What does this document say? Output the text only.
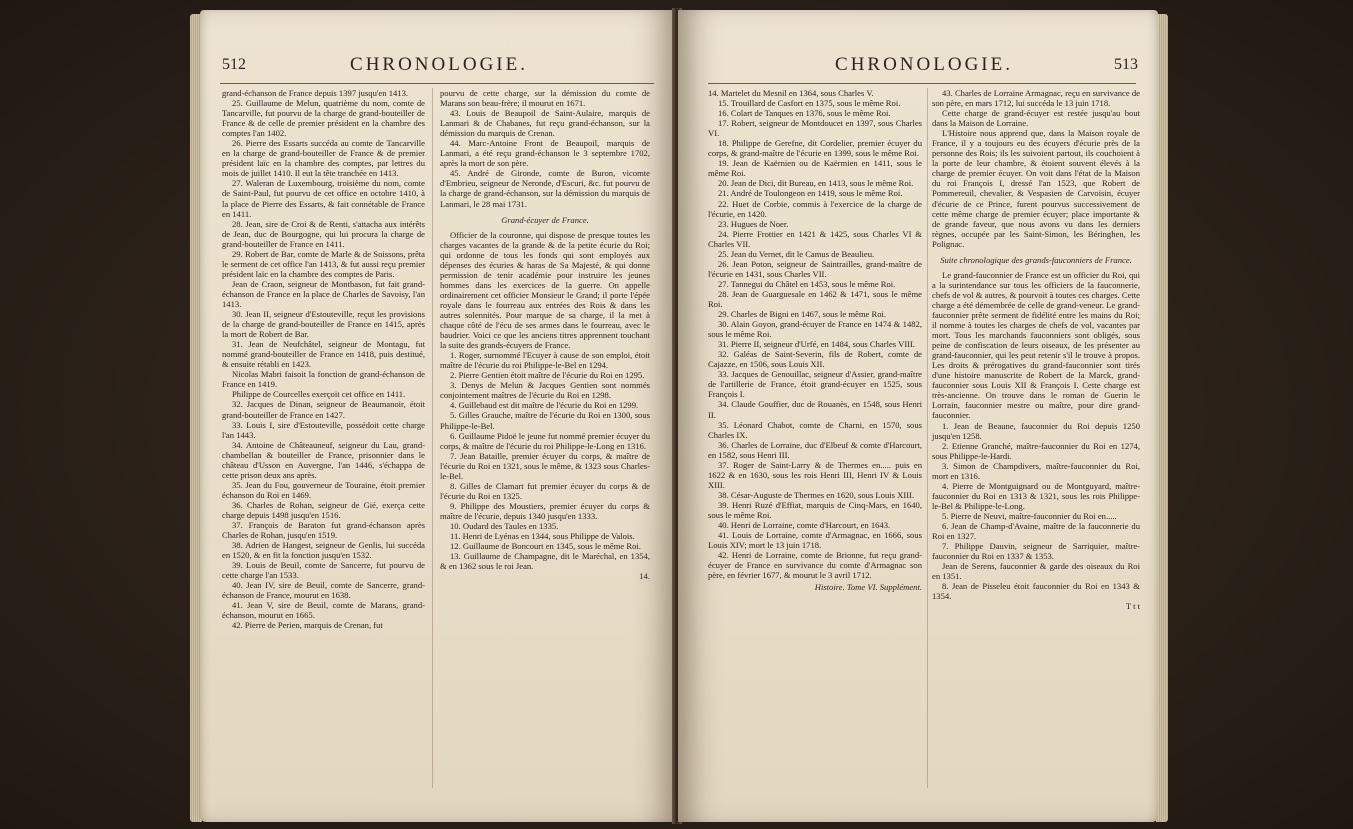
512	CHRONOLOGIE.

grand-échanson de France depuis 1397 jusqu'en 1413.

25. Guillaume de Melun, quatrième du nom, comte de Tancarville, fut pourvu de la charge de grand-bouteiller de France & de celle de premier président en la chambre des comptes l'an 1402.

26. Pierre des Essarts succéda au comte de Tancarville en la charge de grand-bouteiller de France & de premier président laïc en la chambre des comptes, par lettres du mois de juillet 1410. Il eut la tête tranchée en 1413.

27. Waleran de Luxembourg, troisième du nom, comte de Saint-Paul, fut pourvu de cet office en octobre 1410, à la place de Pierre des Essarts, & fait connétable de France en 1411.

28. Jean, sire de Croi & de Renti, s'attacha aux intérêts de Jean, duc de Bourgogne, qui lui procura la charge de grand-bouteiller de France en 1411.

29. Robert de Bar, comte de Marle & de Soissons, prêta le serment de cet office l'an 1413, & fut aussi reçu premier président laïc en la chambre des comptes de Paris.

Jean de Craon, seigneur de Montbason, fut fait grand-échanson de France en la place de Charles de Savoisy, l'an 1413.

30. Jean II, seigneur d'Estouteville, reçut les provisions de la charge de grand-bouteiller de France en 1415, après la mort de Robert de Bar.

31. Jean de Neufchâtel, seigneur de Montagu, fut nommé grand-bouteiller de France en 1418, puis destitué, & ensuite rétabli en 1423.

Nicolas Mabri faisoit la fonction de grand-échanson de France en 1419.

Philippe de Courcelles exerçoit cet office en 1411.

32. Jacques de Dinan, seigneur de Beaumanoir, étoit grand-bouteiller de France en 1427.

33. Louis I, sire d'Estouteville, possédoit cette charge l'an 1443.

34. Antoine de Châteauneuf, seigneur du Lau, grand-chambellan & bouteiller de France, prisonnier dans le château d'Usson en Auvergne, l'an 1446, s'échappa de cette prison deux ans après.

35. Jean du Fou, gouverneur de Touraine, étoit premier échanson du Roi en 1469.

36. Charles de Rohan, seigneur de Gié, exerça cette charge depuis 1498 jusqu'en 1516.

37. François de Baraton fut grand-échanson après Charles de Rohan, jusqu'en 1519.

38. Adrien de Hangest, seigneur de Genlis, lui succéda en 1520, & en fit la fonction jusqu'en 1532.

39. Louis de Beuil, comte de Sancerre, fut pourvu de cette charge l'an 1533.

40. Jean IV, sire de Beuil, comte de Sancerre, grand-échanson de France, mourut en 1638.

41. Jean V, sire de Beuil, comte de Marans, grand-échanson, mourut en 1665.

42. Pierre de Perien, marquis de Crenan, fut

pourvu de cette charge, sur la démission du comte de Marans son beau-frère; il mourut en 1671.

43. Louis de Beaupoil de Saint-Aulaire, marquis de Lanmari & de Chabanes, fut reçu grand-échanson, sur la démission du marquis de Crenan.

44. Marc-Antoine Front de Beaupoil, marquis de Lanmari, a été reçu grand-échanson le 3 septembre 1702, après la mort de son père.

45. André de Gironde, comte de Buron, vicomte d'Embrieu, seigneur de Neronde, d'Escuri, &c. fut pourvu de la charge de grand-échanson, sur la démission du marquis de Lanmari, le 28 mai 1731.

Grand-écuyer de France.

Officier de la couronne, qui dispose de presque toutes les charges vacantes de la grande & de la petite écurie du Roi; qui ordonne de tous les fonds qui sont employés aux dépenses des écuries & haras de Sa Majesté, & qui donne permission de tenir académie pour instruire les jeunes hommes dans les exercices de la guerre. On appelle ordinairement cet officier Monsieur le Grand; il porte l'épée royale dans le fourreau aux entrées des Rois & dans les autres solennités. Pour marque de sa charge, il la met à chaque côté de l'écu de ses armes dans le fourreau, avec le baudrier. Voici ce que les anciens titres apprennent touchant la suite des grands-écuyers de France.

1. Roger, surnommé l'Ecuyer à cause de son emploi, étoit maître de l'écurie du roi Philippe-le-Bel en 1294.

2. Pierre Gentien étoit maître de l'écurie du Roi en 1295.

3. Denys de Melun & Jacques Gentien sont nommés conjointement maîtres de l'écurie du Roi en 1298.

4. Guillebaud est dit maître de l'écurie du Roi en 1299.

5. Gilles Grauche, maître de l'écurie du Roi en 1300, sous Philippe-le-Bel.

6. Guillaume Pidoë le jeune fut nommé premier écuyer du corps, & maître de l'écurie du roi Philippe-le-Long en 1316.

7. Jean Bataille, premier écuyer du corps, & maître de l'écurie du Roi en 1321, sous le même, & 1323 sous Charles-le-Bel.

8. Gilles de Clamart fut premier écuyer du corps & de l'écurie du Roi en 1325.

9. Philippe des Moustiers, premier écuyer du corps & maître de l'écurie, depuis 1340 jusqu'en 1333.

10. Oudard des Taules en 1335.

11. Henri de Lyénas en 1344, sous Philippe de Valois.

12. Guillaume de Boncourt en 1345, sous le même Roi.

13. Guillaume de Champagne, dit le Maréchal, en 1354, & en 1362 sous le roi Jean.

14.

CHRONOLOGIE.	513

14. Martelet du Mesnil en 1364, sous Charles V.

15. Trouillard de Casfort en 1375, sous le même Roi.

16. Colart de Tanques en 1376, sous le même Roi.

17. Robert, seigneur de Montdoucet en 1397, sous Charles VI.

18. Philippe de Gerefne, dit Cordelier, premier écuyer du corps, & grand-maître de l'écurie en 1399, sous le même Roi.

19. Jean de Kaërnien ou de Kaërmien en 1411, sous le même Roi.

20. Jean de Dici, dit Bureau, en 1413, sous le même Roi.

21. André de Toulongeon en 1419, sous le même Roi.

22. Huet de Corbie, commis à l'exercice de la charge de l'écurie, en 1420.

23. Hugues de Noer.

24. Pierre Frottier en 1421 & 1425, sous Charles VI & Charles VII.

25. Jean du Vernet, dit le Camus de Beaulieu.

26. Jean Poton, seigneur de Saintrailles, grand-maître de l'écurie en 1431, sous Charles VII.

27. Tannegui du Châtel en 1453, sous le même Roi.

28. Jean de Guarguesale en 1462 & 1471, sous le même Roi.

29. Charles de Bigni en 1467, sous le même Roi.

30. Alain Goyon, grand-écuyer de France en 1474 & 1482, sous le même Roi.

31. Pierre II, seigneur d'Urfé, en 1484, sous Charles VIII.

32. Galéas de Saint-Severin, fils de Robert, comte de Cajazze, en 1506, sous Louis XII.

33. Jacques de Genouillac, seigneur d'Assier, grand-maître de l'artillerie de France, étoit grand-écuyer en 1525, sous François I.

34. Claude Gouffier, duc de Rouanès, en 1548, sous Henri II.

35. Léonard Chabot, comte de Charni, en 1570, sous Charles IX.

36. Charles de Lorraine, duc d'Elbeuf & comte d'Harcourt, en 1582, sous Henri III.

37. Roger de Saint-Larry & de Thermes en..... puis en 1622 & en 1630, sous les rois Henri III, Henri IV & Louis XIII.

38. César-Auguste de Thermes en 1620, sous Louis XIII.

39. Henri Ruzé d'Effiat, marquis de Cinq-Mars, en 1640, sous le même Roi.

40. Henri de Lorraine, comte d'Harcourt, en 1643.

41. Louis de Lorraine, comte d'Armagnac, en 1666, sous Louis XIV; mort le 13 juin 1718.

42. Henri de Lorraine, comte de Brionne, fut reçu grand-écuyer de France en survivance du comte d'Armagnac son père, en février 1677, & mourut le 3 avril 1712.

Histoire. Tome VI. Supplément.

43. Charles de Lorraine Armagnac, reçu en survivance de son père, en mars 1712, lui succéda le 13 juin 1718.

Cette charge de grand-écuyer est restée jusqu'au bout dans la Maison de Lorraine.

L'Histoire nous apprend que, dans la Maison royale de France, il y a toujours eu des écuyers d'écurie près de la personne des Rois; ils les suivoient partout, ils couchoient à la porte de leur chambre, & étoient souvent élevés à la charge de premier écuyer. On voit dans l'état de la Maison du roi François I, dressé l'an 1523, que Robert de Pommereuil, chevalier, & Vespasien de Carvoisin, écuyer d'écurie de ce Prince, furent pourvus successivement de cette même charge de premier écuyer; place importante & de grande faveur, que nous avons vu dans les derniers règnes, occupée par les Saint-Simon, les Béringhen, les Polignac.

Suite chronologique des grands-fauconniers de France.

Le grand-fauconnier de France est un officier du Roi, qui a la surintendance sur tous les officiers de la fauconnerie, chefs de vol & autres, & pourvoit à toutes ces charges. Cette charge a été démembrée de celle de grand-veneur. Le grand-fauconnier prête serment de fidélité entre les mains du Roi; il nomme à toutes les charges de chefs de vol, vacantes par mort. Tous les marchands fauconniers sont obligés, sous peine de confiscation de leurs oiseaux, de les présenter au grand-fauconnier, qui les peut retenir s'il le trouve à propos. Les droits & prérogatives du grand-fauconnier sont tirés d'une histoire manuscrite de Robert de la Marck, grand-fauconnier sous Louis XII & François I. Cette charge est très-ancienne. On trouve dans le roman de Guerin le Lorrain, fauconnier mestre ou maître, pour dire grand-fauconnier.

1. Jean de Beaune, fauconnier du Roi depuis 1250 jusqu'en 1258.

2. Etienne Granché, maître-fauconnier du Roi en 1274, sous Philippe-le-Hardi.

3. Simon de Champdivers, maître-fauconnier du Roi, mort en 1316.

4. Pierre de Montguignard ou de Montguyard, maître-fauconnier du Roi en 1313 & 1321, sous les rois Philippe-le-Bel & Philippe-le-Long.

5. Pierre de Neuvi, maître-fauconnier du Roi en.....

6. Jean de Champ-d'Avaine, maître de la fauconnerie du Roi en 1327.

7. Philippe Dauvin, seigneur de Sarriquier, maître-fauconnier du Roi en 1337 & 1353.

Jean de Serens, fauconnier & garde des oiseaux du Roi en 1351.

8. Jean de Pisseleu étoit fauconnier du Roi en 1343 & 1354.

T t t
